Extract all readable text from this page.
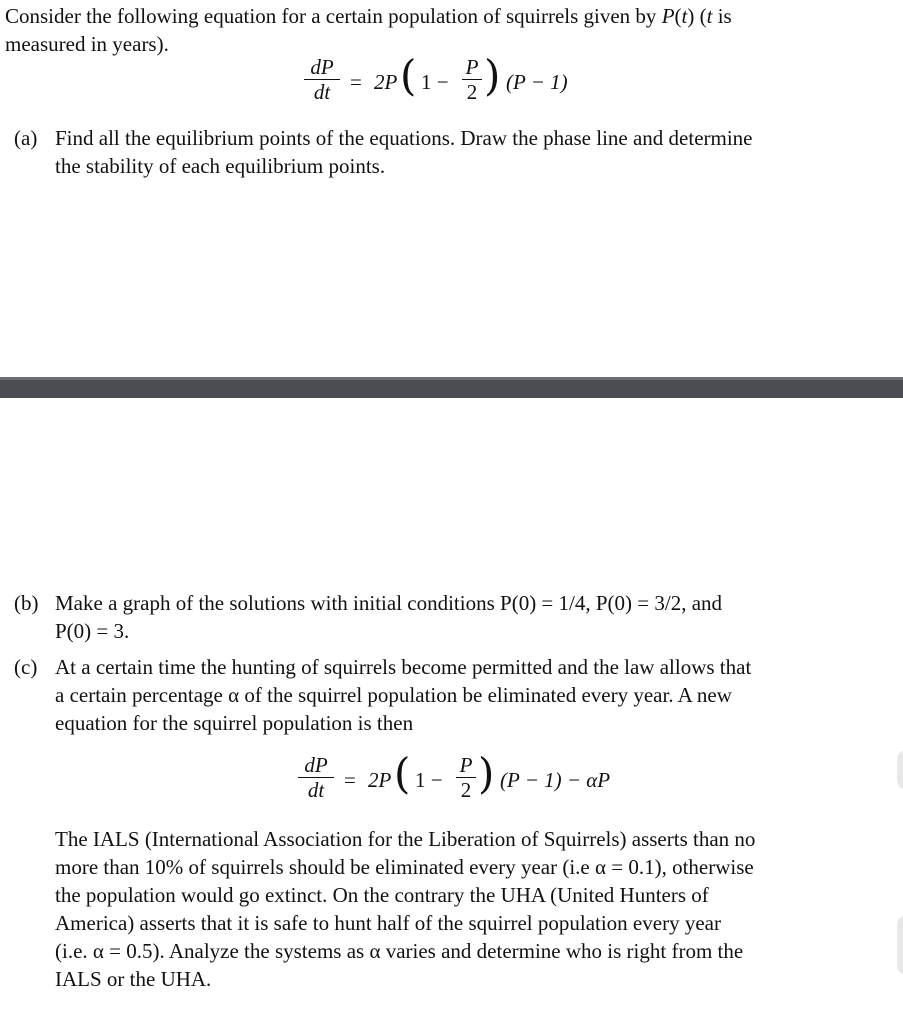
Consider the following equation for a certain population of squirrels given by P(t) (t is
measured in years).
dP
dt = 2P ( 1 −
P
2 ) (P − 1)
(a) Find all the equilibrium points of the equations. Draw the phase line and determine
the stability of each equilibrium points.
(b) Make a graph of the solutions with initial conditions P(0) = 1/4, P(0) = 3/2, and
P(0) = 3.
(c) At a certain time the hunting of squirrels become permitted and the law allows that
a certain percentage α of the squirrel population be eliminated every year. A new
equation for the squirrel population is then
dP
dt = 2P ( 1 −
P
2 ) (P − 1) − αP
The IALS (International Association for the Liberation of Squirrels) asserts than no
more than 10% of squirrels should be eliminated every year (i.e α = 0.1), otherwise
the population would go extinct. On the contrary the UHA (United Hunters of
America) asserts that it is safe to hunt half of the squirrel population every year
(i.e. α = 0.5). Analyze the systems as α varies and determine who is right from the
IALS or the UHA.
